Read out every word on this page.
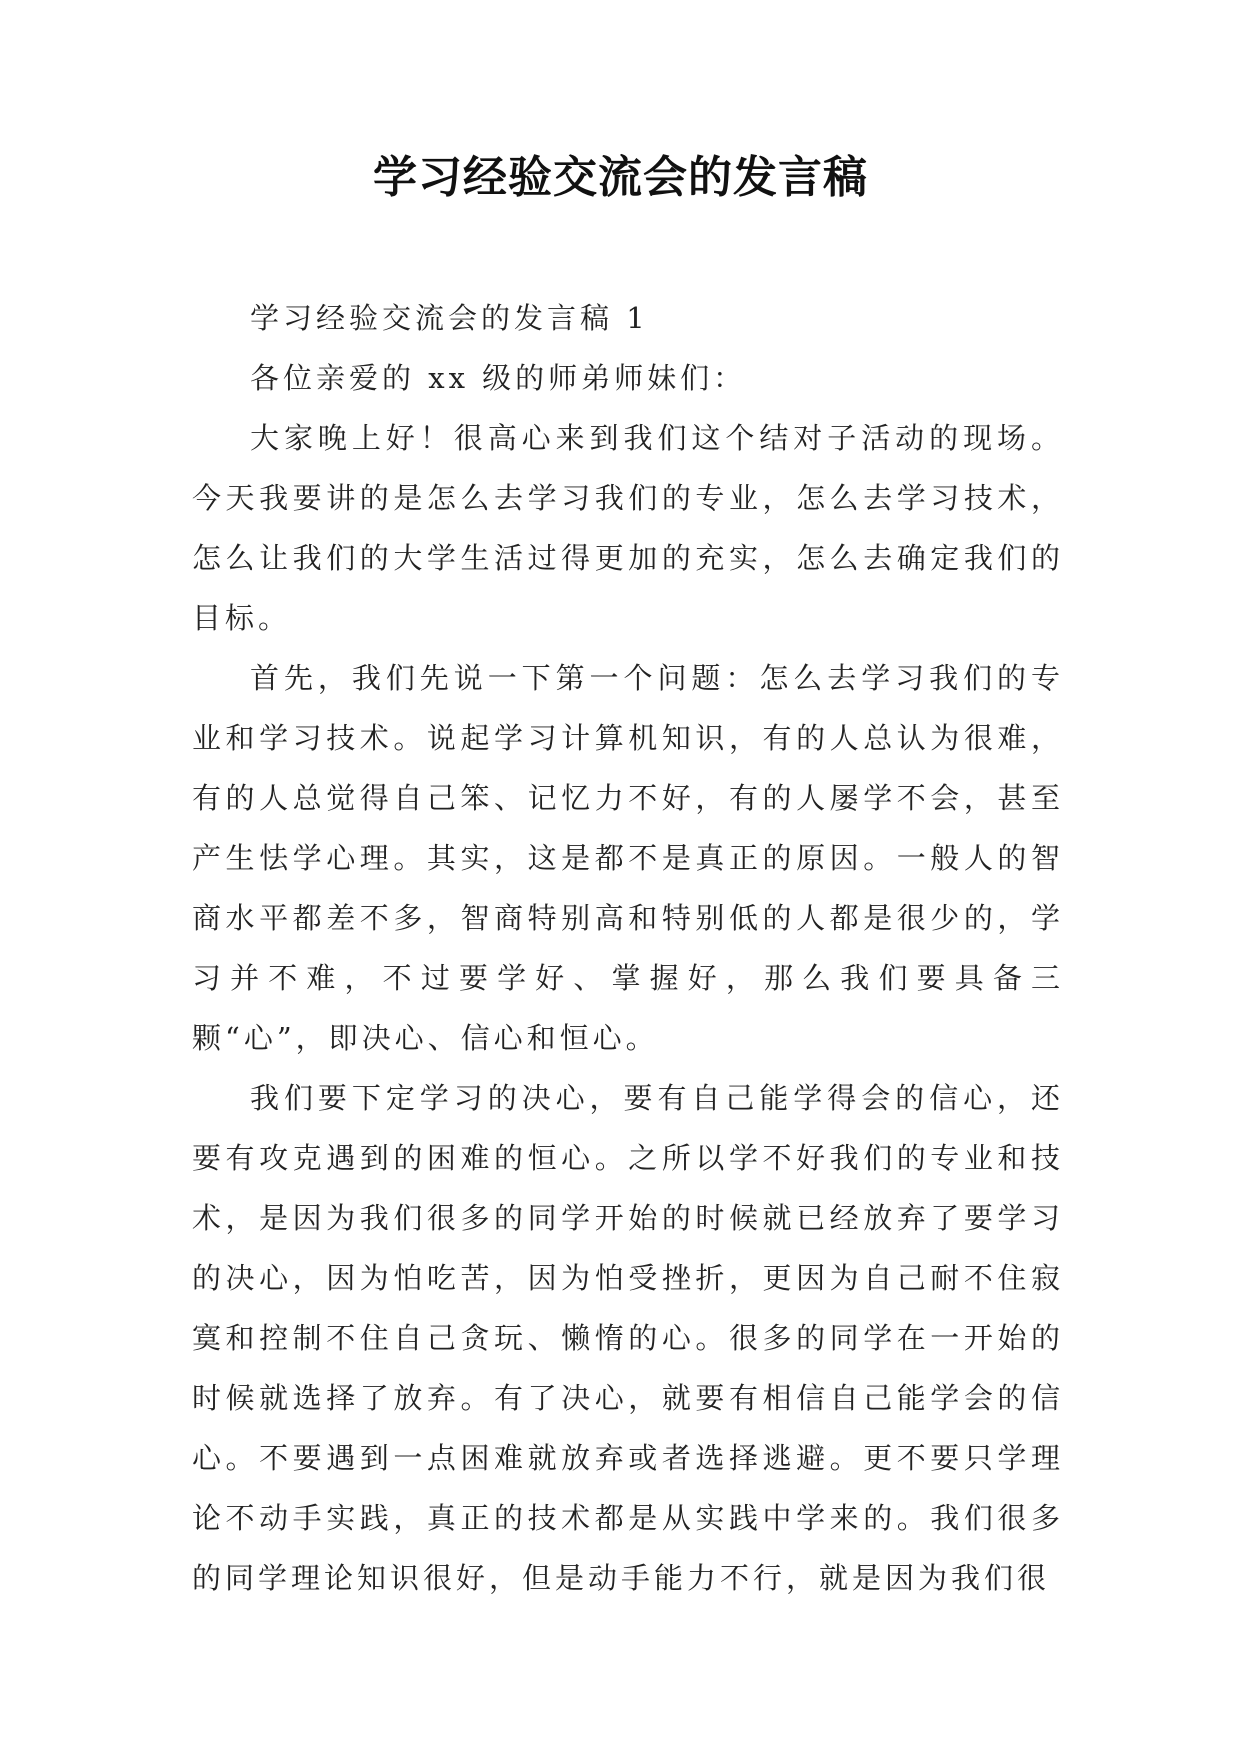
学习经验交流会的发言稿

学习经验交流会的发言稿 1

各位亲爱的 xx 级的师弟师妹们：

大家晚上好！很高心来到我们这个结对子活动的现场。今天我要讲的是怎么去学习我们的专业，怎么去学习技术，怎么让我们的大学生活过得更加的充实，怎么去确定我们的目标。

首先，我们先说一下第一个问题：怎么去学习我们的专业和学习技术。说起学习计算机知识，有的人总认为很难，有的人总觉得自己笨、记忆力不好，有的人屡学不会，甚至产生怯学心理。其实，这是都不是真正的原因。一般人的智商水平都差不多，智商特别高和特别低的人都是很少的，学习并不难，不过要学好、掌握好，那么我们要具备三颗“心”，即决心、信心和恒心。

我们要下定学习的决心，要有自己能学得会的信心，还要有攻克遇到的困难的恒心。之所以学不好我们的专业和技术，是因为我们很多的同学开始的时候就已经放弃了要学习的决心，因为怕吃苦，因为怕受挫折，更因为自己耐不住寂寞和控制不住自己贪玩、懒惰的心。很多的同学在一开始的时候就选择了放弃。有了决心，就要有相信自己能学会的信心。不要遇到一点困难就放弃或者选择逃避。更不要只学理论不动手实践，真正的技术都是从实践中学来的。我们很多的同学理论知识很好，但是动手能力不行，就是因为我们很
